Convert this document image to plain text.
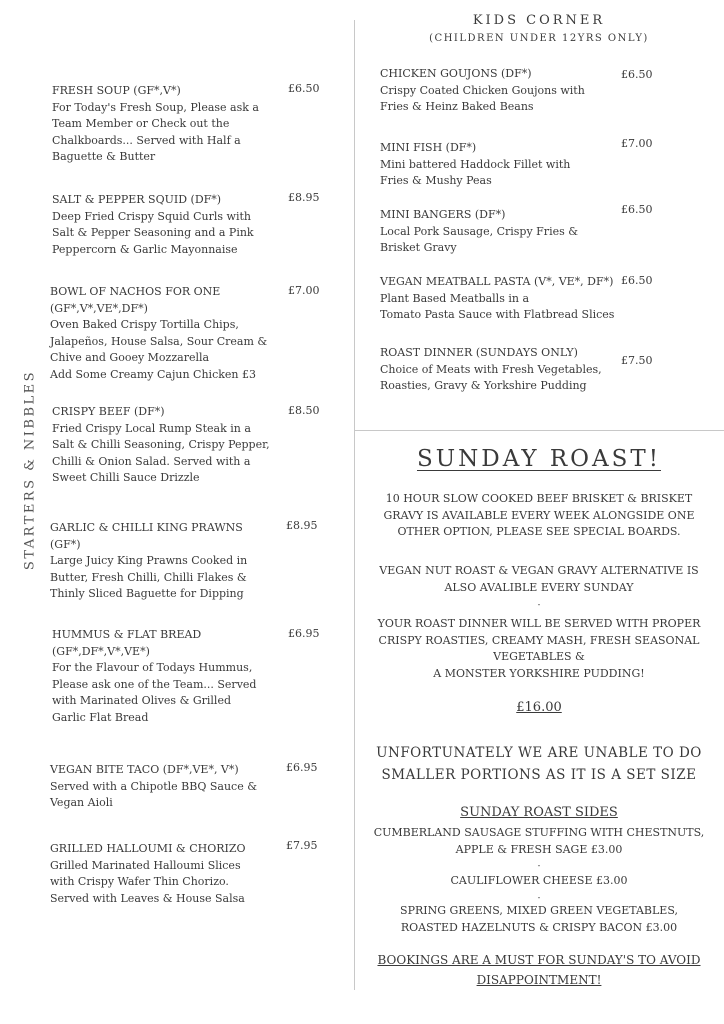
STARTERS & NIBBLES
FRESH SOUP (GF*,V*)
For Today's Fresh Soup, Please ask a
Team Member or Check out the
Chalkboards... Served with Half a
Baguette & Butter
£6.50
SALT & PEPPER SQUID (DF*)
Deep Fried Crispy Squid Curls with
Salt & Pepper Seasoning and a Pink
Peppercorn & Garlic Mayonnaise
£8.95
BOWL OF NACHOS FOR ONE
(GF*,V*,VE*,DF*)
Oven Baked Crispy Tortilla Chips,
Jalapeños, House Salsa, Sour Cream &
Chive and Gooey Mozzarella
Add Some Creamy Cajun Chicken £3
£7.00
CRISPY BEEF (DF*)
Fried Crispy Local Rump Steak in a
Salt & Chilli Seasoning, Crispy Pepper,
Chilli & Onion Salad. Served with a
Sweet Chilli Sauce Drizzle
£8.50
GARLIC & CHILLI KING PRAWNS
(GF*)
Large Juicy King Prawns Cooked in
Butter, Fresh Chilli, Chilli Flakes &
Thinly Sliced Baguette for Dipping
£8.95
HUMMUS & FLAT BREAD
(GF*,DF*,V*,VE*)
For the Flavour of Todays Hummus,
Please ask one of the Team... Served
with Marinated Olives & Grilled
Garlic Flat Bread
£6.95
VEGAN BITE TACO (DF*,VE*, V*)
Served with a Chipotle BBQ Sauce &
Vegan Aioli
£6.95
GRILLED HALLOUMI & CHORIZO
Grilled Marinated Halloumi Slices
with Crispy Wafer Thin Chorizo.
Served with Leaves & House Salsa
£7.95
KIDS CORNER
(CHILDREN UNDER 12YRS ONLY)
CHICKEN GOUJONS (DF*)
Crispy Coated Chicken Goujons with
Fries & Heinz Baked Beans
£6.50
MINI FISH (DF*)
Mini battered Haddock Fillet with
Fries & Mushy Peas
£7.00
MINI BANGERS (DF*)
Local Pork Sausage, Crispy Fries &
Brisket Gravy
£6.50
VEGAN MEATBALL PASTA (V*, VE*, DF*)
Plant Based Meatballs in a
Tomato Pasta Sauce with Flatbread Slices
£6.50
ROAST DINNER (SUNDAYS ONLY)
Choice of Meats with Fresh Vegetables,
Roasties, Gravy & Yorkshire Pudding
£7.50
SUNDAY ROAST!
10 HOUR SLOW COOKED BEEF BRISKET & BRISKET
GRAVY IS AVAILABLE EVERY WEEK ALONGSIDE ONE
OTHER OPTION, PLEASE SEE SPECIAL BOARDS.
VEGAN NUT ROAST & VEGAN GRAVY ALTERNATIVE IS
ALSO AVALIBLE EVERY SUNDAY
-
YOUR ROAST DINNER WILL BE SERVED WITH PROPER
CRISPY ROASTIES, CREAMY MASH, FRESH SEASONAL
VEGETABLES &
A MONSTER YORKSHIRE PUDDING!
£16.00
UNFORTUNATELY WE ARE UNABLE TO DO
SMALLER PORTIONS AS IT IS A SET SIZE
SUNDAY ROAST SIDES
CUMBERLAND SAUSAGE STUFFING WITH CHESTNUTS,
APPLE & FRESH SAGE £3.00
-
CAULIFLOWER CHEESE £3.00
-
SPRING GREENS, MIXED GREEN VEGETABLES,
ROASTED HAZELNUTS & CRISPY BACON £3.00
BOOKINGS ARE A MUST FOR SUNDAY'S TO AVOID
DISAPPOINTMENT!
